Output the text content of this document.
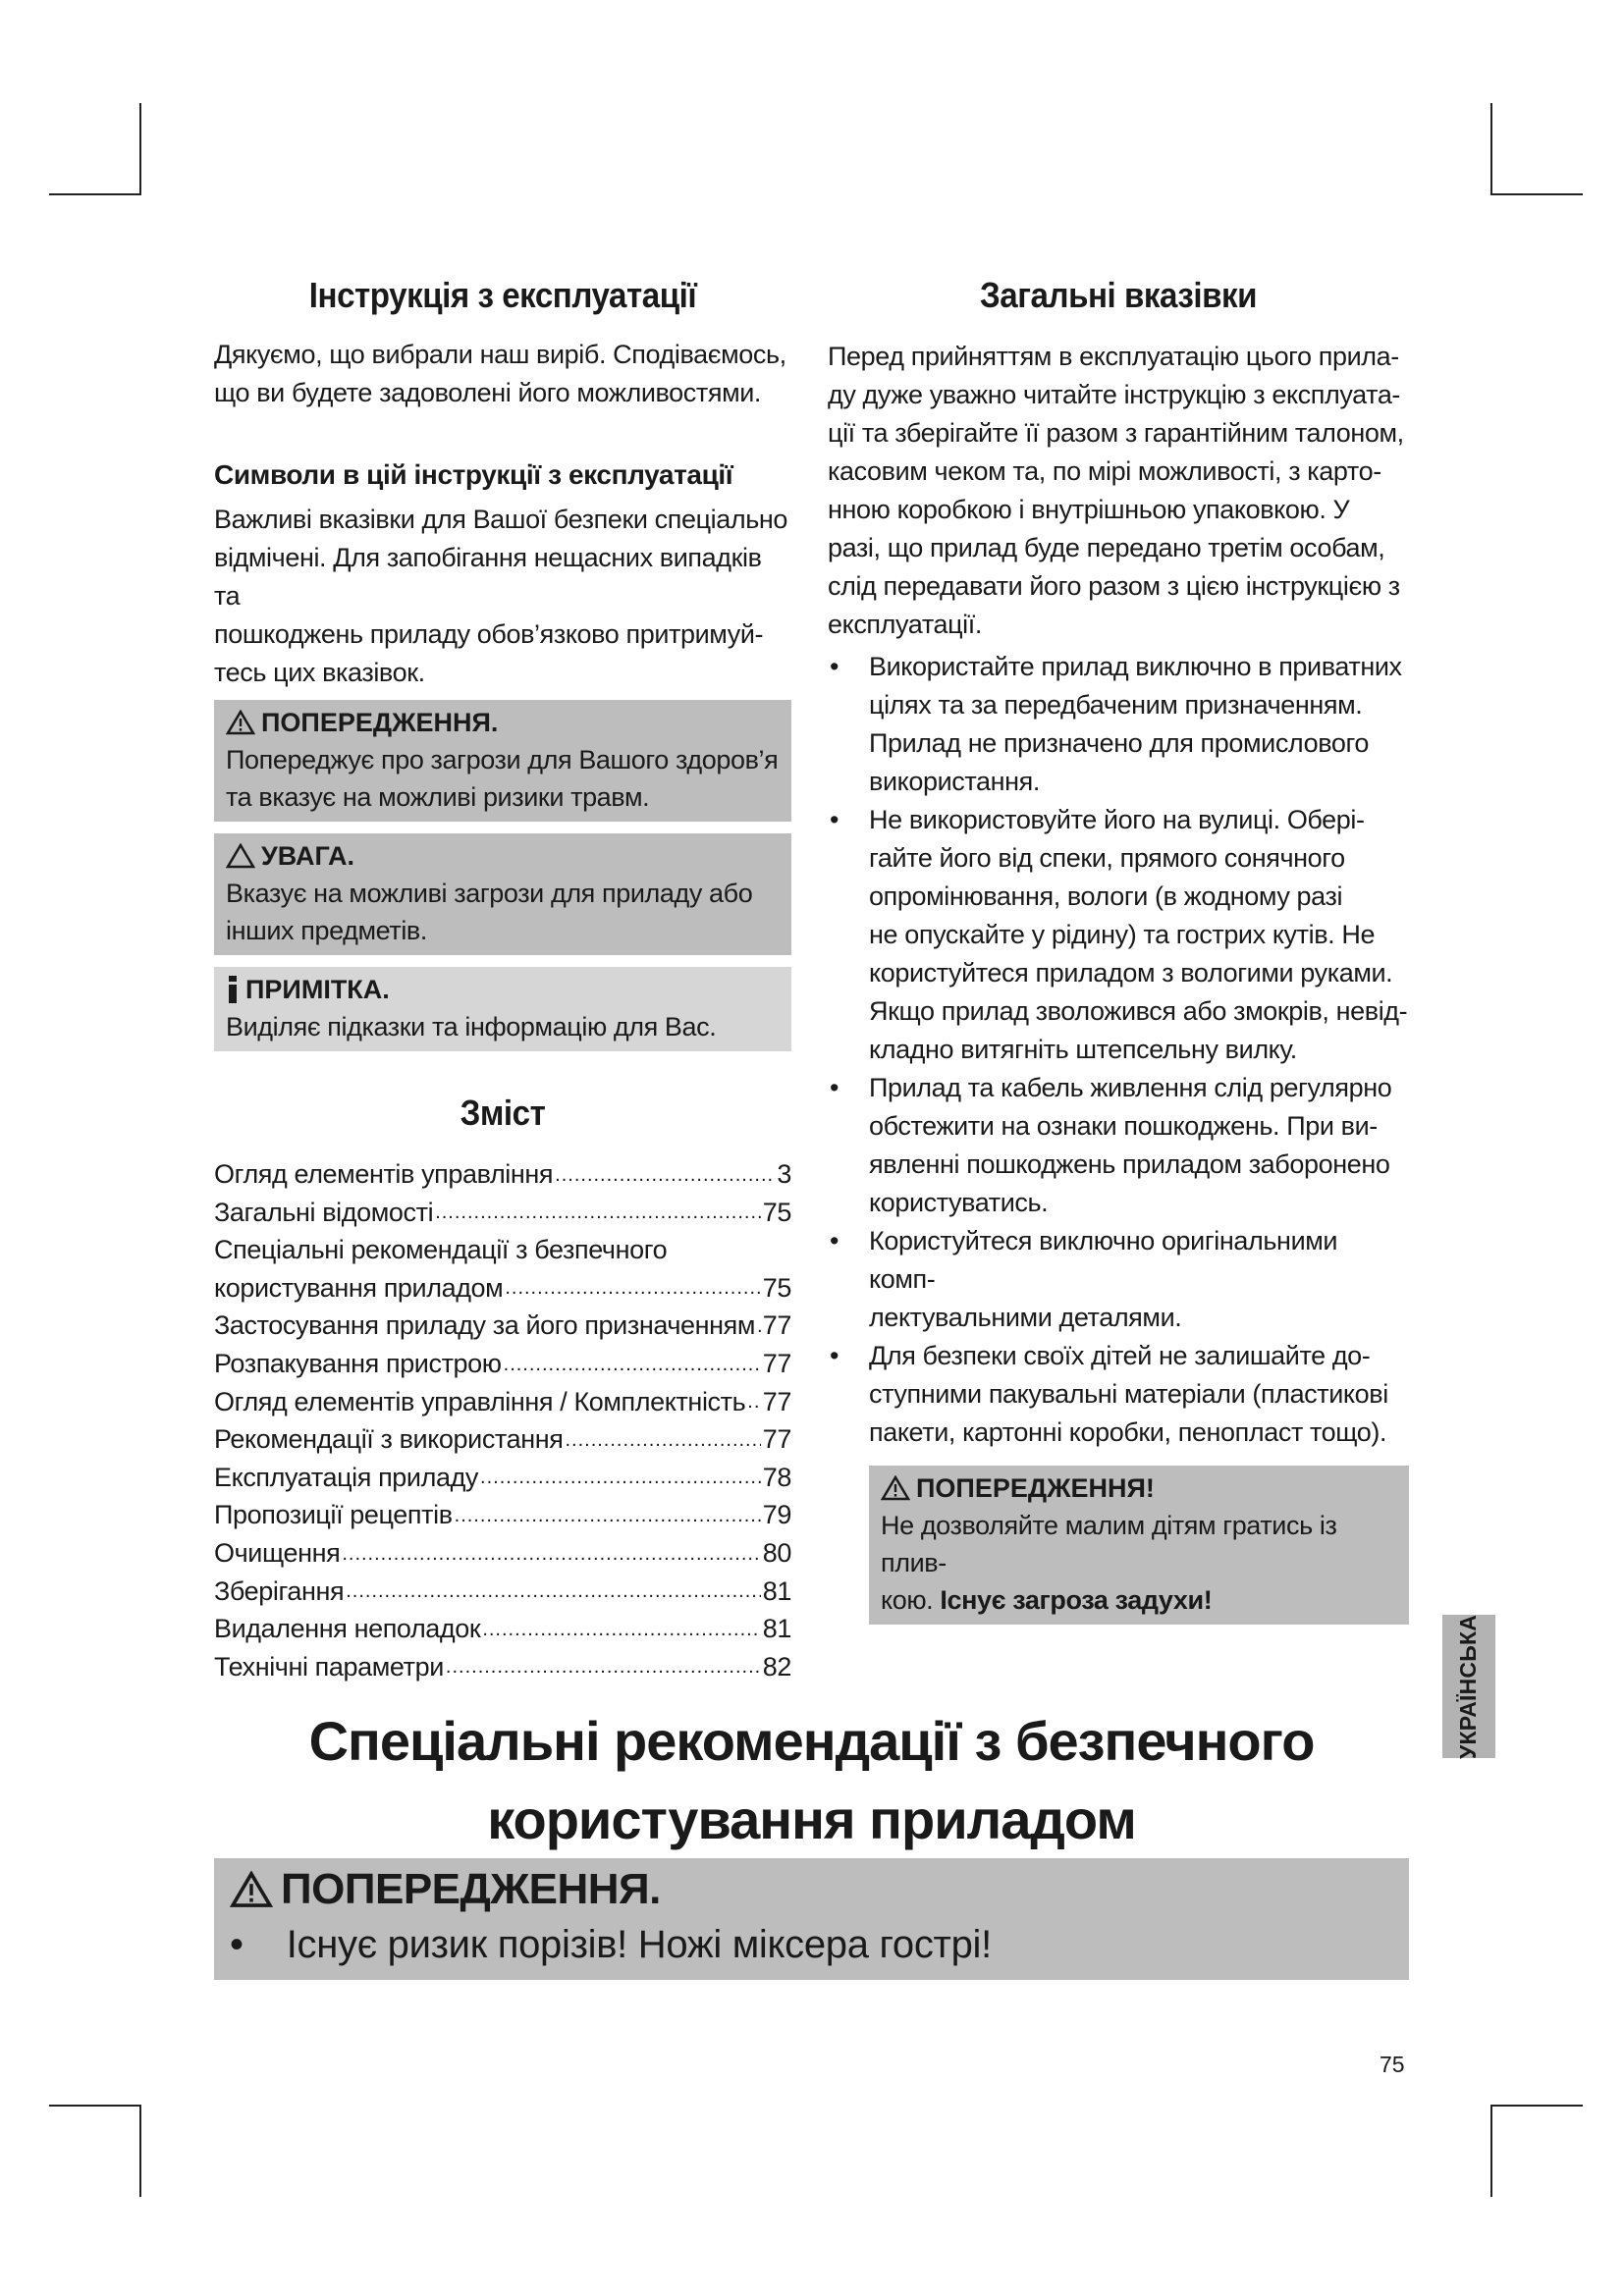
Інструкція з експлуатації

Дякуємо, що вибрали наш виріб. Сподіваємось,

що ви будете задоволені його можливостями.

Символи в цій інструкції з експлуатації

Важливі вказівки для Вашої безпеки спеціально

відмічені. Для запобігання нещасних випадків та

пошкоджень приладу обов’язково притримуй-

тесь цих вказівок.

ПОПЕРЕДЖЕННЯ.
Попереджує про загрози для Вашого здоров’я
та вказує на можливі ризики травм.
УВАГА.
Вказує на можливі загрози для приладу або
інших предметів.
ПРИМІТКА.
Виділяє підказки та інформацію для Вас.
Зміст
Огляд елементів управління .....	3
Загальні відомості .....	75
Спеціальні рекомендації з безпечного
користування приладом .....	75
Застосування приладу за його призначенням ..... 77
Розпакування пристрою .....	77
Огляд елементів управління / Комплектність ..... 77
Рекомендації з використання .....	77
Експлуатація приладу .....	78
Пропозиції рецептів .....	79
Очищення .....	80
Зберігання .....	81
Видалення неполадок .....	81
Технічні параметри .....	82
Загальні вказівки

Перед прийняттям в експлуатацію цього прила-

ду дуже уважно читайте інструкцію з експлуата-

ції та зберігайте її разом з гарантійним талоном,

касовим чеком та, по мірі можливості, з карто-

нною коробкою і внутрішньою упаковкою. У

разі, що прилад буде передано третім особам,

слід передавати його разом з цією інструкцією з

експлуатації.

• Використайте прилад виключно в приватних
цілях та за передбаченим призначенням.
Прилад не призначено для промислового
використання.
• Не використовуйте його на вулиці. Обері-
гайте його від спеки, прямого сонячного
опромінювання, вологи (в жодному разі
не опускайте у рідину) та гострих кутів. Не
користуйтеся приладом з вологими руками.
Якщо прилад зволожився або змокрів, невід-
кладно витягніть штепсельну вилку.
• Прилад та кабель живлення слід регулярно
обстежити на ознаки пошкоджень. При ви-
явленні пошкоджень приладом заборонено
користуватись.
• Користуйтеся виключно оригінальними комп-
лектувальними деталями.
• Для безпеки своїх дітей не залишайте до-
ступними пакувальні матеріали (пластикові
пакети, картонні коробки, пенопласт тощо).
ПОПЕРЕДЖЕННЯ!
Не дозволяйте малим дітям гратись із плив-
кою. Існує загроза задухи!
УКРАЇНСЬКА
Спеціальні рекомендації з безпечного
користування приладом
ПОПЕРЕДЖЕННЯ.
• Існує ризик порізів! Ножі міксера гострі!
75
